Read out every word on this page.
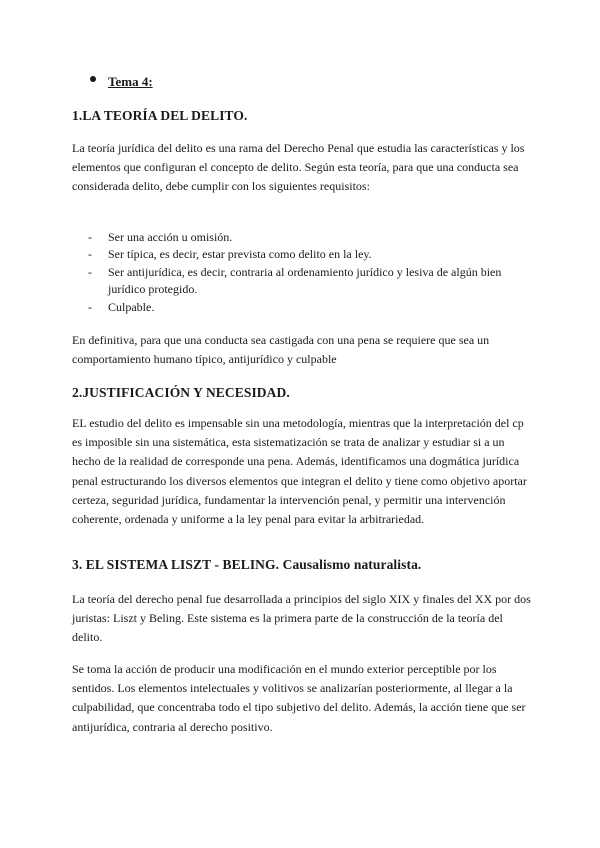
Tema 4:
1.LA TEORÍA DEL DELITO.
La teoría jurídica del delito es una rama del Derecho Penal que estudia las características y los elementos que configuran el concepto de delito. Según esta teoría, para que una conducta sea considerada delito, debe cumplir con los siguientes requisitos:
- Ser una acción u omisión.
- Ser típica, es decir, estar prevista como delito en la ley.
- Ser antijurídica, es decir, contraria al ordenamiento jurídico y lesiva de algún bien jurídico protegido.
- Culpable.
En definitiva, para que una conducta sea castigada con una pena se requiere que sea un comportamiento humano típico, antijurídico y culpable
2.JUSTIFICACIÓN Y NECESIDAD.
EL estudio del delito es impensable sin una metodología, mientras que la interpretación del cp es imposible sin una sistemática, esta sistematización se trata de analizar y estudiar si a un hecho de la realidad de corresponde una pena. Además, identificamos una dogmática jurídica penal estructurando los diversos elementos que integran el delito y tiene como objetivo aportar certeza, seguridad jurídica, fundamentar la intervención penal, y permitir una intervención coherente, ordenada y uniforme a la ley penal para evitar la arbitrariedad.
3. EL SISTEMA LISZT - BELING. Causalismo naturalista.
La teoría del derecho penal fue desarrollada a principios del siglo XIX y finales del XX por dos juristas: Liszt y Beling. Este sistema es la primera parte de la construcción de la teoría del delito.
Se toma la acción de producir una modificación en el mundo exterior perceptible por los sentidos. Los elementos intelectuales y volitivos se analizarían posteriormente, al llegar a la culpabilidad, que concentraba todo el tipo subjetivo del delito. Además, la acción tiene que ser antijurídica, contraria al derecho positivo.
